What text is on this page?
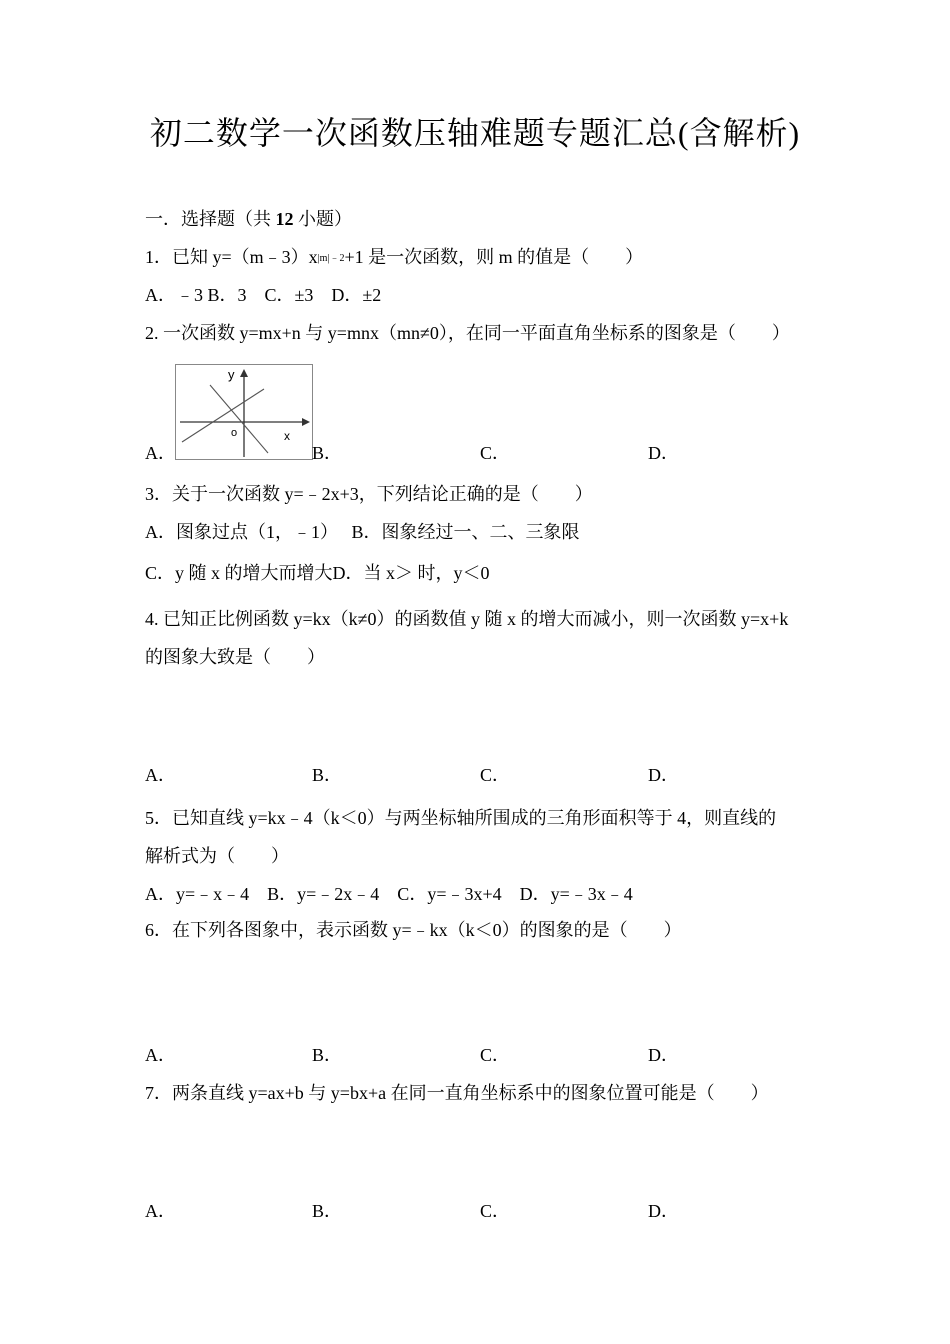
初二数学一次函数压轴难题专题汇总(含解析)
一．选择题（共 12 小题）
1．已知 $y=(m﹣3)x^{|m|﹣2}+1$ 是一次函数，则 m 的值是（　　）
A．﹣3 B．3　C．±3　D．±2
2. 一次函数 y=mx+n 与 y=mnx（mn≠0），在同一平面直角坐标系的图象是（　　）
y
x
o
A．	B．	C．	D．
3．关于一次函数 y=﹣2x+3，下列结论正确的是（　　）
A．图象过点（1，﹣1）　 B．图象经过一、二、三象限
C．y 随 x 的增大而增大D．当 x＞ 时，y＜0
4. 已知正比例函数 y=kx（k≠0）的函数值 y 随 x 的增大而减小，则一次函数 y=x+k
的图象大致是（　　）
A．	B．	C．	D．
5．已知直线 y=kx﹣4（k＜0）与两坐标轴所围成的三角形面积等于 4，则直线的
解析式为（　　）
A．y=﹣x﹣4　B．y=﹣2x﹣4　C．y=﹣3x+4　D．y=﹣3x﹣4
6．在下列各图象中，表示函数 y=﹣kx（k＜0）的图象的是（　　）
A．	B．	C．	D．
7．两条直线 y=ax+b 与 y=bx+a 在同一直角坐标系中的图象位置可能是（　　）
A．	B．	C．	D．
